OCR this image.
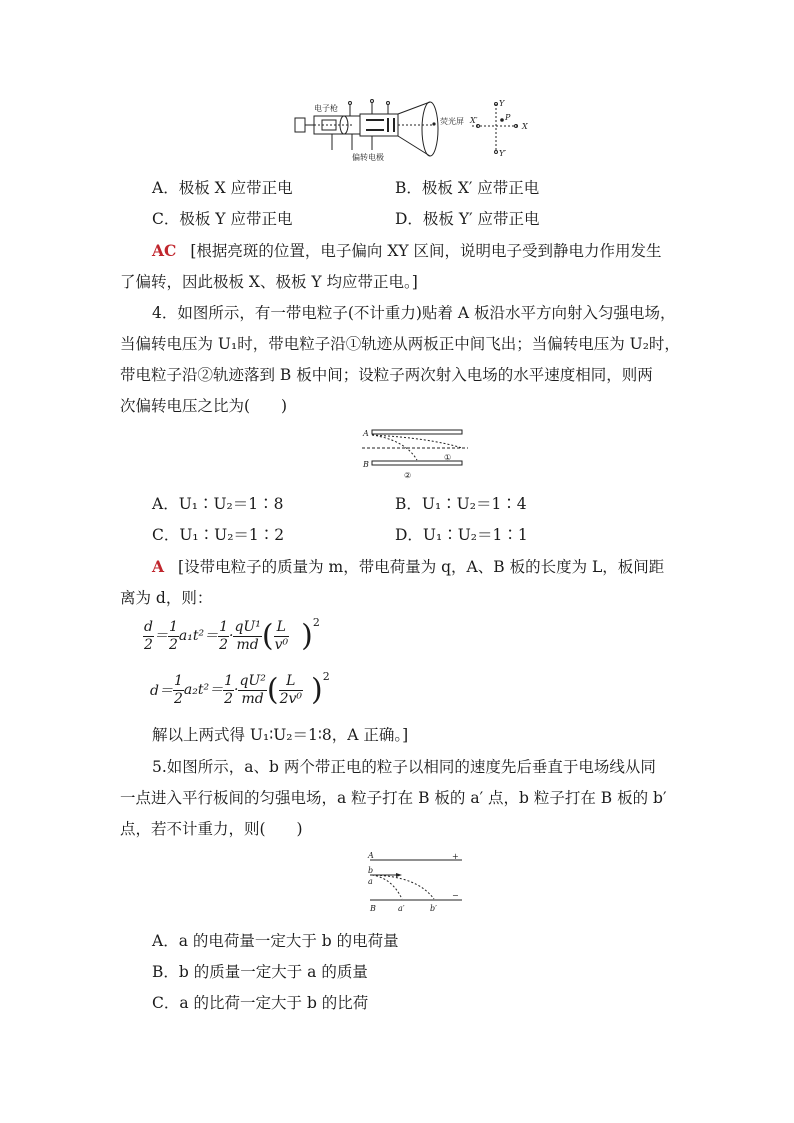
电子枪
荧光屏
偏转电极
X
X′
Y
Y′
P
A．极板 X 应带正电	B．极板 X′ 应带正电
C．极板 Y 应带正电	D．极板 Y′ 应带正电
AC [根据亮斑的位置，电子偏向 XY 区间，说明电子受到静电力作用发生
了偏转，因此极板 X、极板 Y 均应带正电。]
4．如图所示，有一带电粒子(不计重力)贴着 A 板沿水平方向射入匀强电场，
当偏转电压为 U₁时，带电粒子沿①轨迹从两板正中间飞出；当偏转电压为 U₂时，
带电粒子沿②轨迹落到 B 板中间；设粒子两次射入电场的水平速度相同，则两
次偏转电压之比为(　　)
A
B
①
②
A．U₁∶U₂＝1∶8	B．U₁∶U₂＝1∶4
C．U₁∶U₂＝1∶2	D．U₁∶U₂＝1∶1
A [设带电粒子的质量为 m，带电荷量为 q，A、B 板的长度为 L，板间距
离为 d，则：
$\frac{d}{2} = \frac{1}{2} a_1t^2= \frac{1}{2} \cdot \frac{\text{qU¹}}{md}$ ( $\frac{L}{\text{v⁰}} )^2$
$d= \frac{1}{2} a_2t^2= \frac{1}{2} \cdot \frac{\text{qU²}}{md}$ ( $\frac{L}{\text{2v⁰}} )^2$
解以上两式得 U₁∶U₂＝1∶8，A 正确。]
5.如图所示，a、b 两个带正电的粒子以相同的速度先后垂直于电场线从同
一点进入平行板间的匀强电场，a 粒子打在 B 板的 a′ 点，b 粒子打在 B 板的 b′
点，若不计重力，则(　　)
A	+
b
a
B	a′	b′
−
A．a 的电荷量一定大于 b 的电荷量
B．b 的质量一定大于 a 的质量
C．a 的比荷一定大于 b 的比荷
